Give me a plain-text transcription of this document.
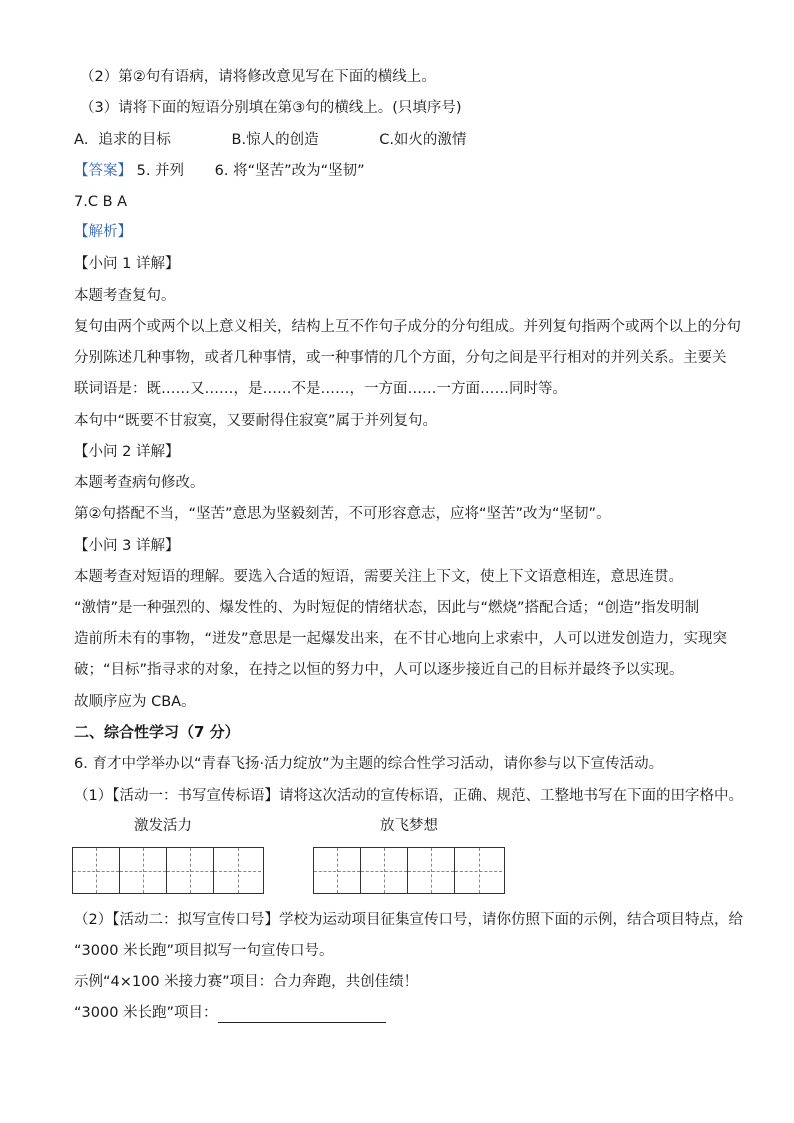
（2）第②句有语病，请将修改意见写在下面的横线上。
（3）请将下面的短语分别填在第③句的横线上。(只填序号)
A．追求的目标	B.惊人的创造	C.如火的激情
【答案】 5. 并列 6. 将“坚苦”改为“坚韧”
7.C B A
【解析】
【小问 1 详解】
本题考查复句。
复句由两个或两个以上意义相关，结构上互不作句子成分的分句组成。并列复句指两个或两个以上的分句
分别陈述几种事物，或者几种事情，或一种事情的几个方面，分句之间是平行相对的并列关系。主要关
联词语是：既……又……，是……不是……，一方面……一方面……同时等。
本句中“既要不甘寂寞，又要耐得住寂寞”属于并列复句。
【小问 2 详解】
本题考查病句修改。
第②句搭配不当，“坚苦”意思为坚毅刻苦，不可形容意志，应将“坚苦”改为“坚韧”。
【小问 3 详解】
本题考查对短语的理解。要选入合适的短语，需要关注上下文，使上下文语意相连，意思连贯。
“激情”是一种强烈的、爆发性的、为时短促的情绪状态，因此与“燃烧”搭配合适；“创造”指发明制
造前所未有的事物，“迸发”意思是一起爆发出来，在不甘心地向上求索中，人可以迸发创造力，实现突
破；“目标”指寻求的对象，在持之以恒的努力中，人可以逐步接近自己的目标并最终予以实现。
故顺序应为 CBA。
二、综合性学习（7 分）
6. 育才中学举办以“青春飞扬·活力绽放”为主题的综合性学习活动，请你参与以下宣传活动。
（1）【活动一：书写宣传标语】请将这次活动的宣传标语，正确、规范、工整地书写在下面的田字格中。
激发活力	放飞梦想
（2）【活动二：拟写宣传口号】学校为运动项目征集宣传口号，请你仿照下面的示例，结合项目特点，给
“3000 米长跑”项目拟写一句宣传口号。
示例“4×100 米接力赛”项目：合力奔跑，共创佳绩！
“3000 米长跑”项目：
